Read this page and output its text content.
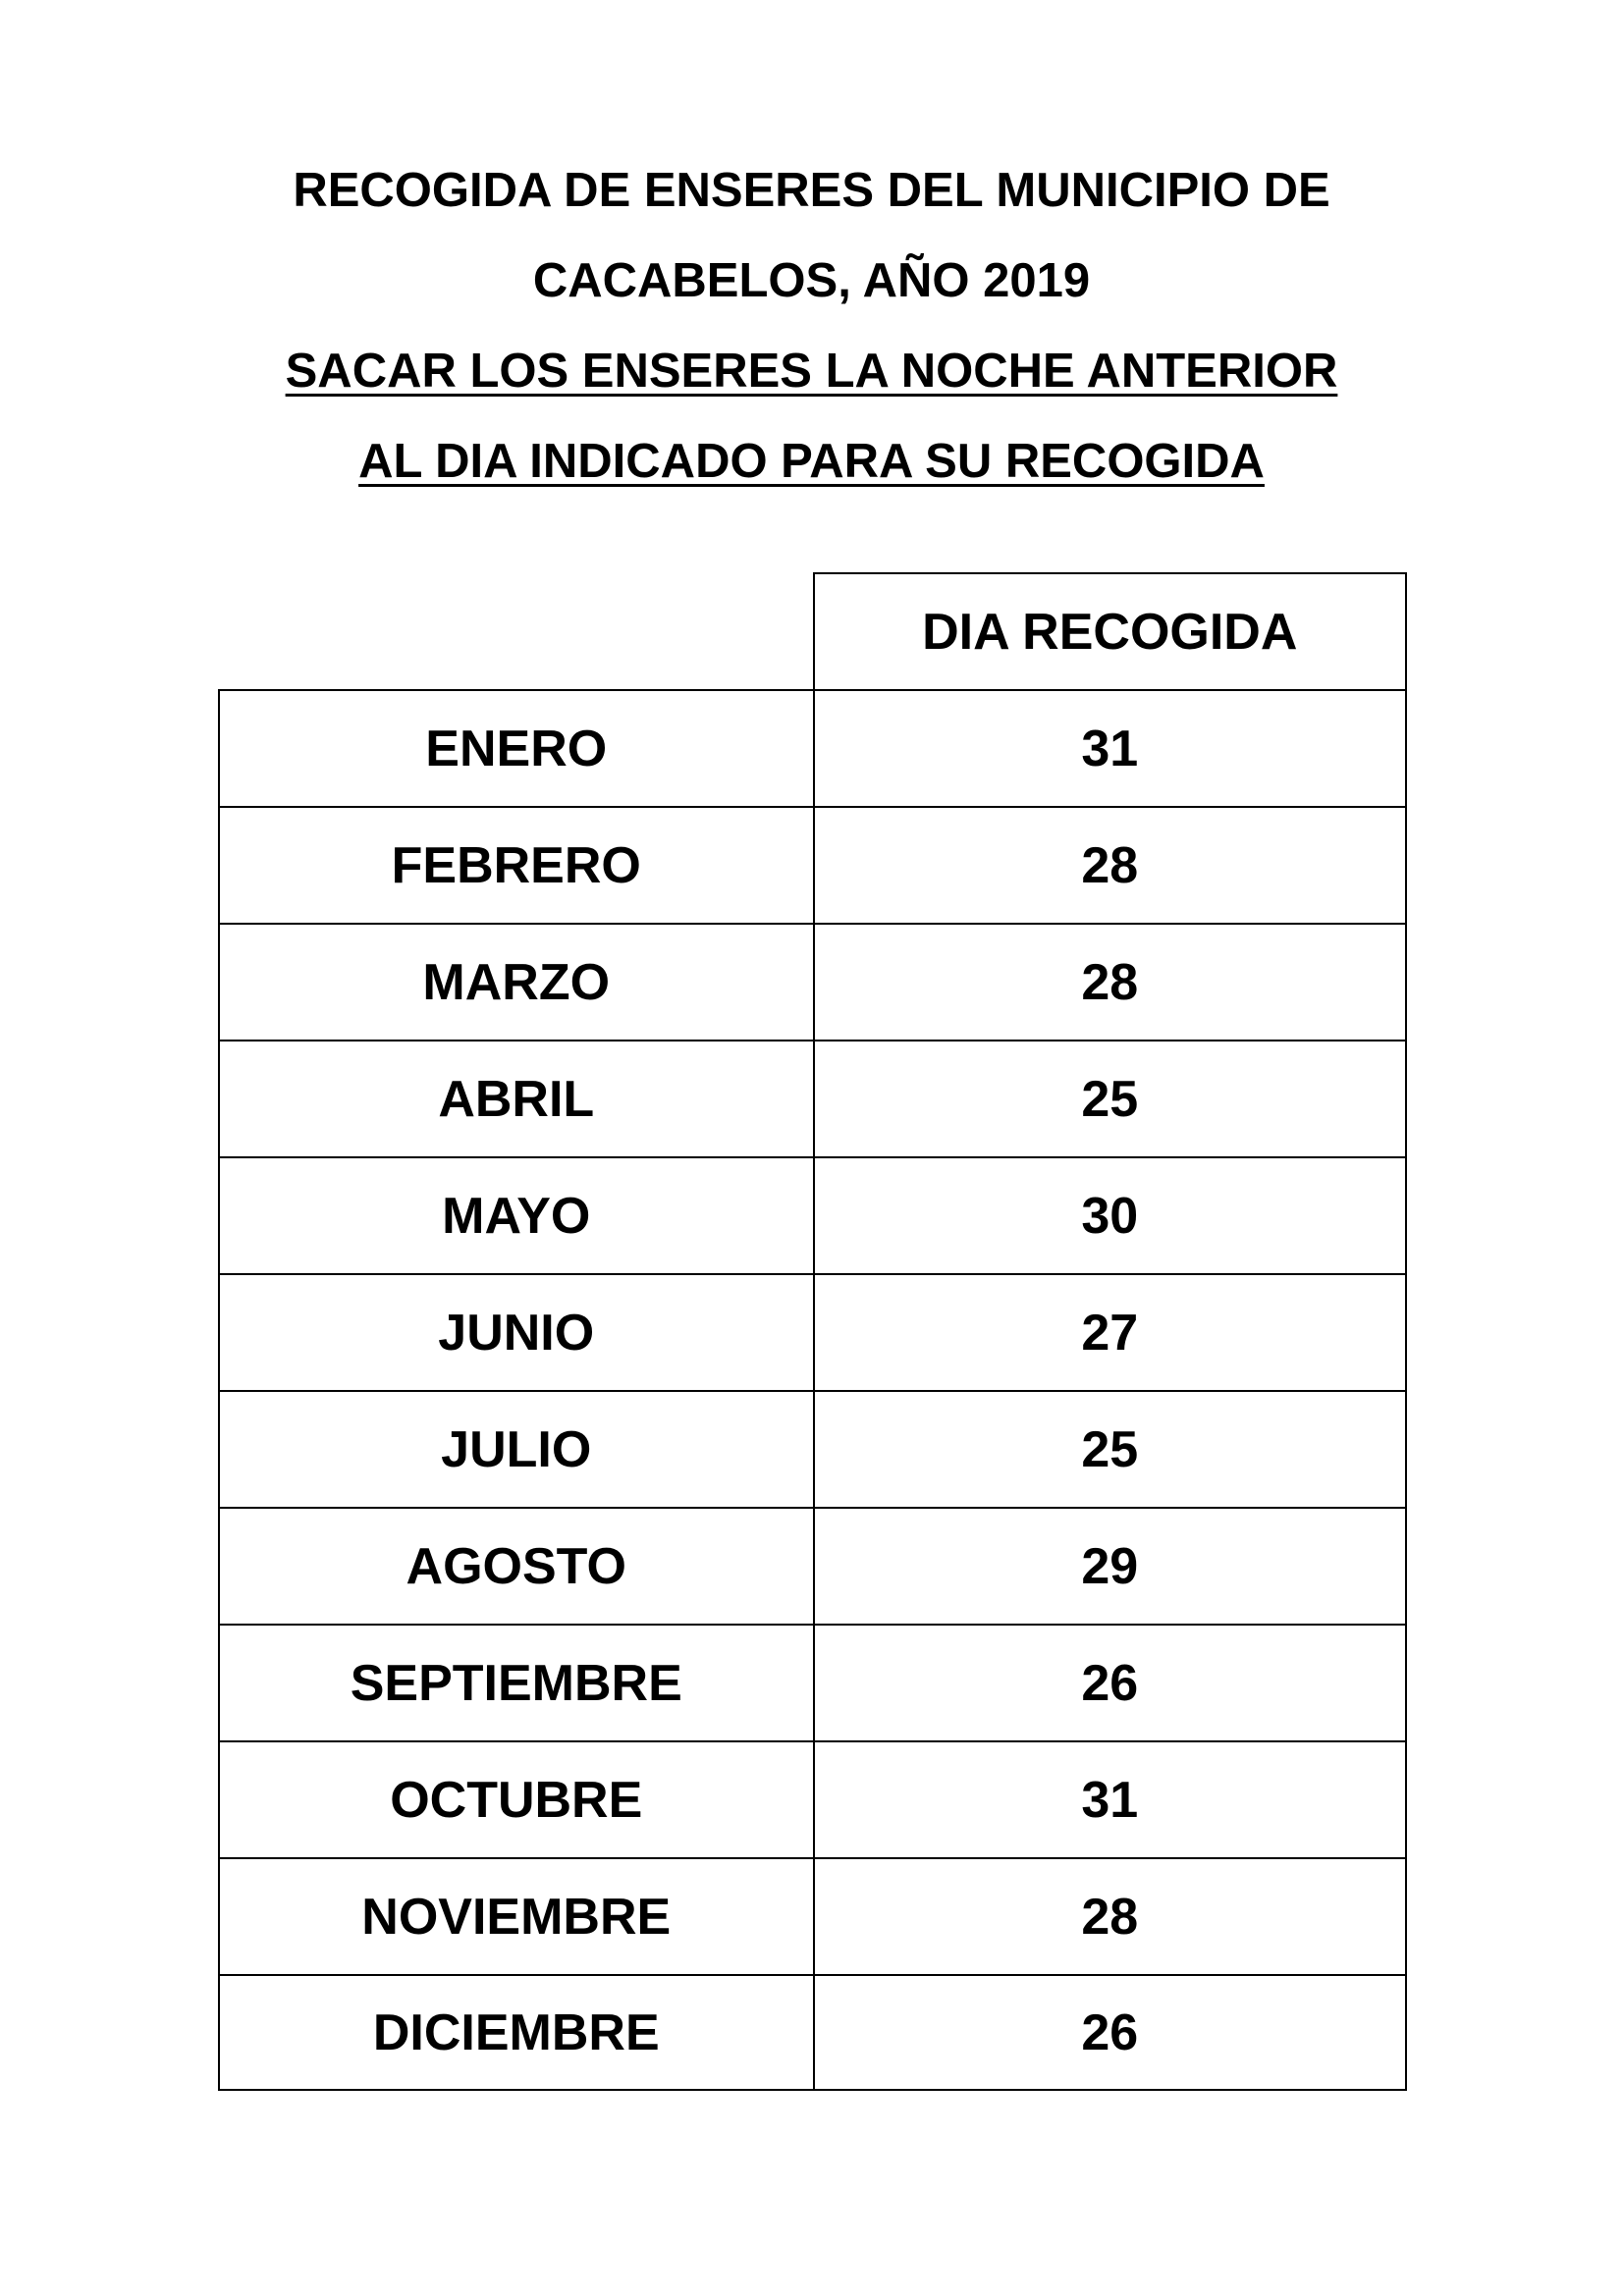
RECOGIDA DE ENSERES DEL MUNICIPIO DE
CACABELOS, AÑO 2019
SACAR LOS ENSERES LA NOCHE ANTERIOR
AL DIA INDICADO PARA SU RECOGIDA
DIA RECOGIDA
ENERO	31
FEBRERO	28
MARZO	28
ABRIL	25
MAYO	30
JUNIO	27
JULIO	25
AGOSTO	29
SEPTIEMBRE	26
OCTUBRE	31
NOVIEMBRE	28
DICIEMBRE	26
